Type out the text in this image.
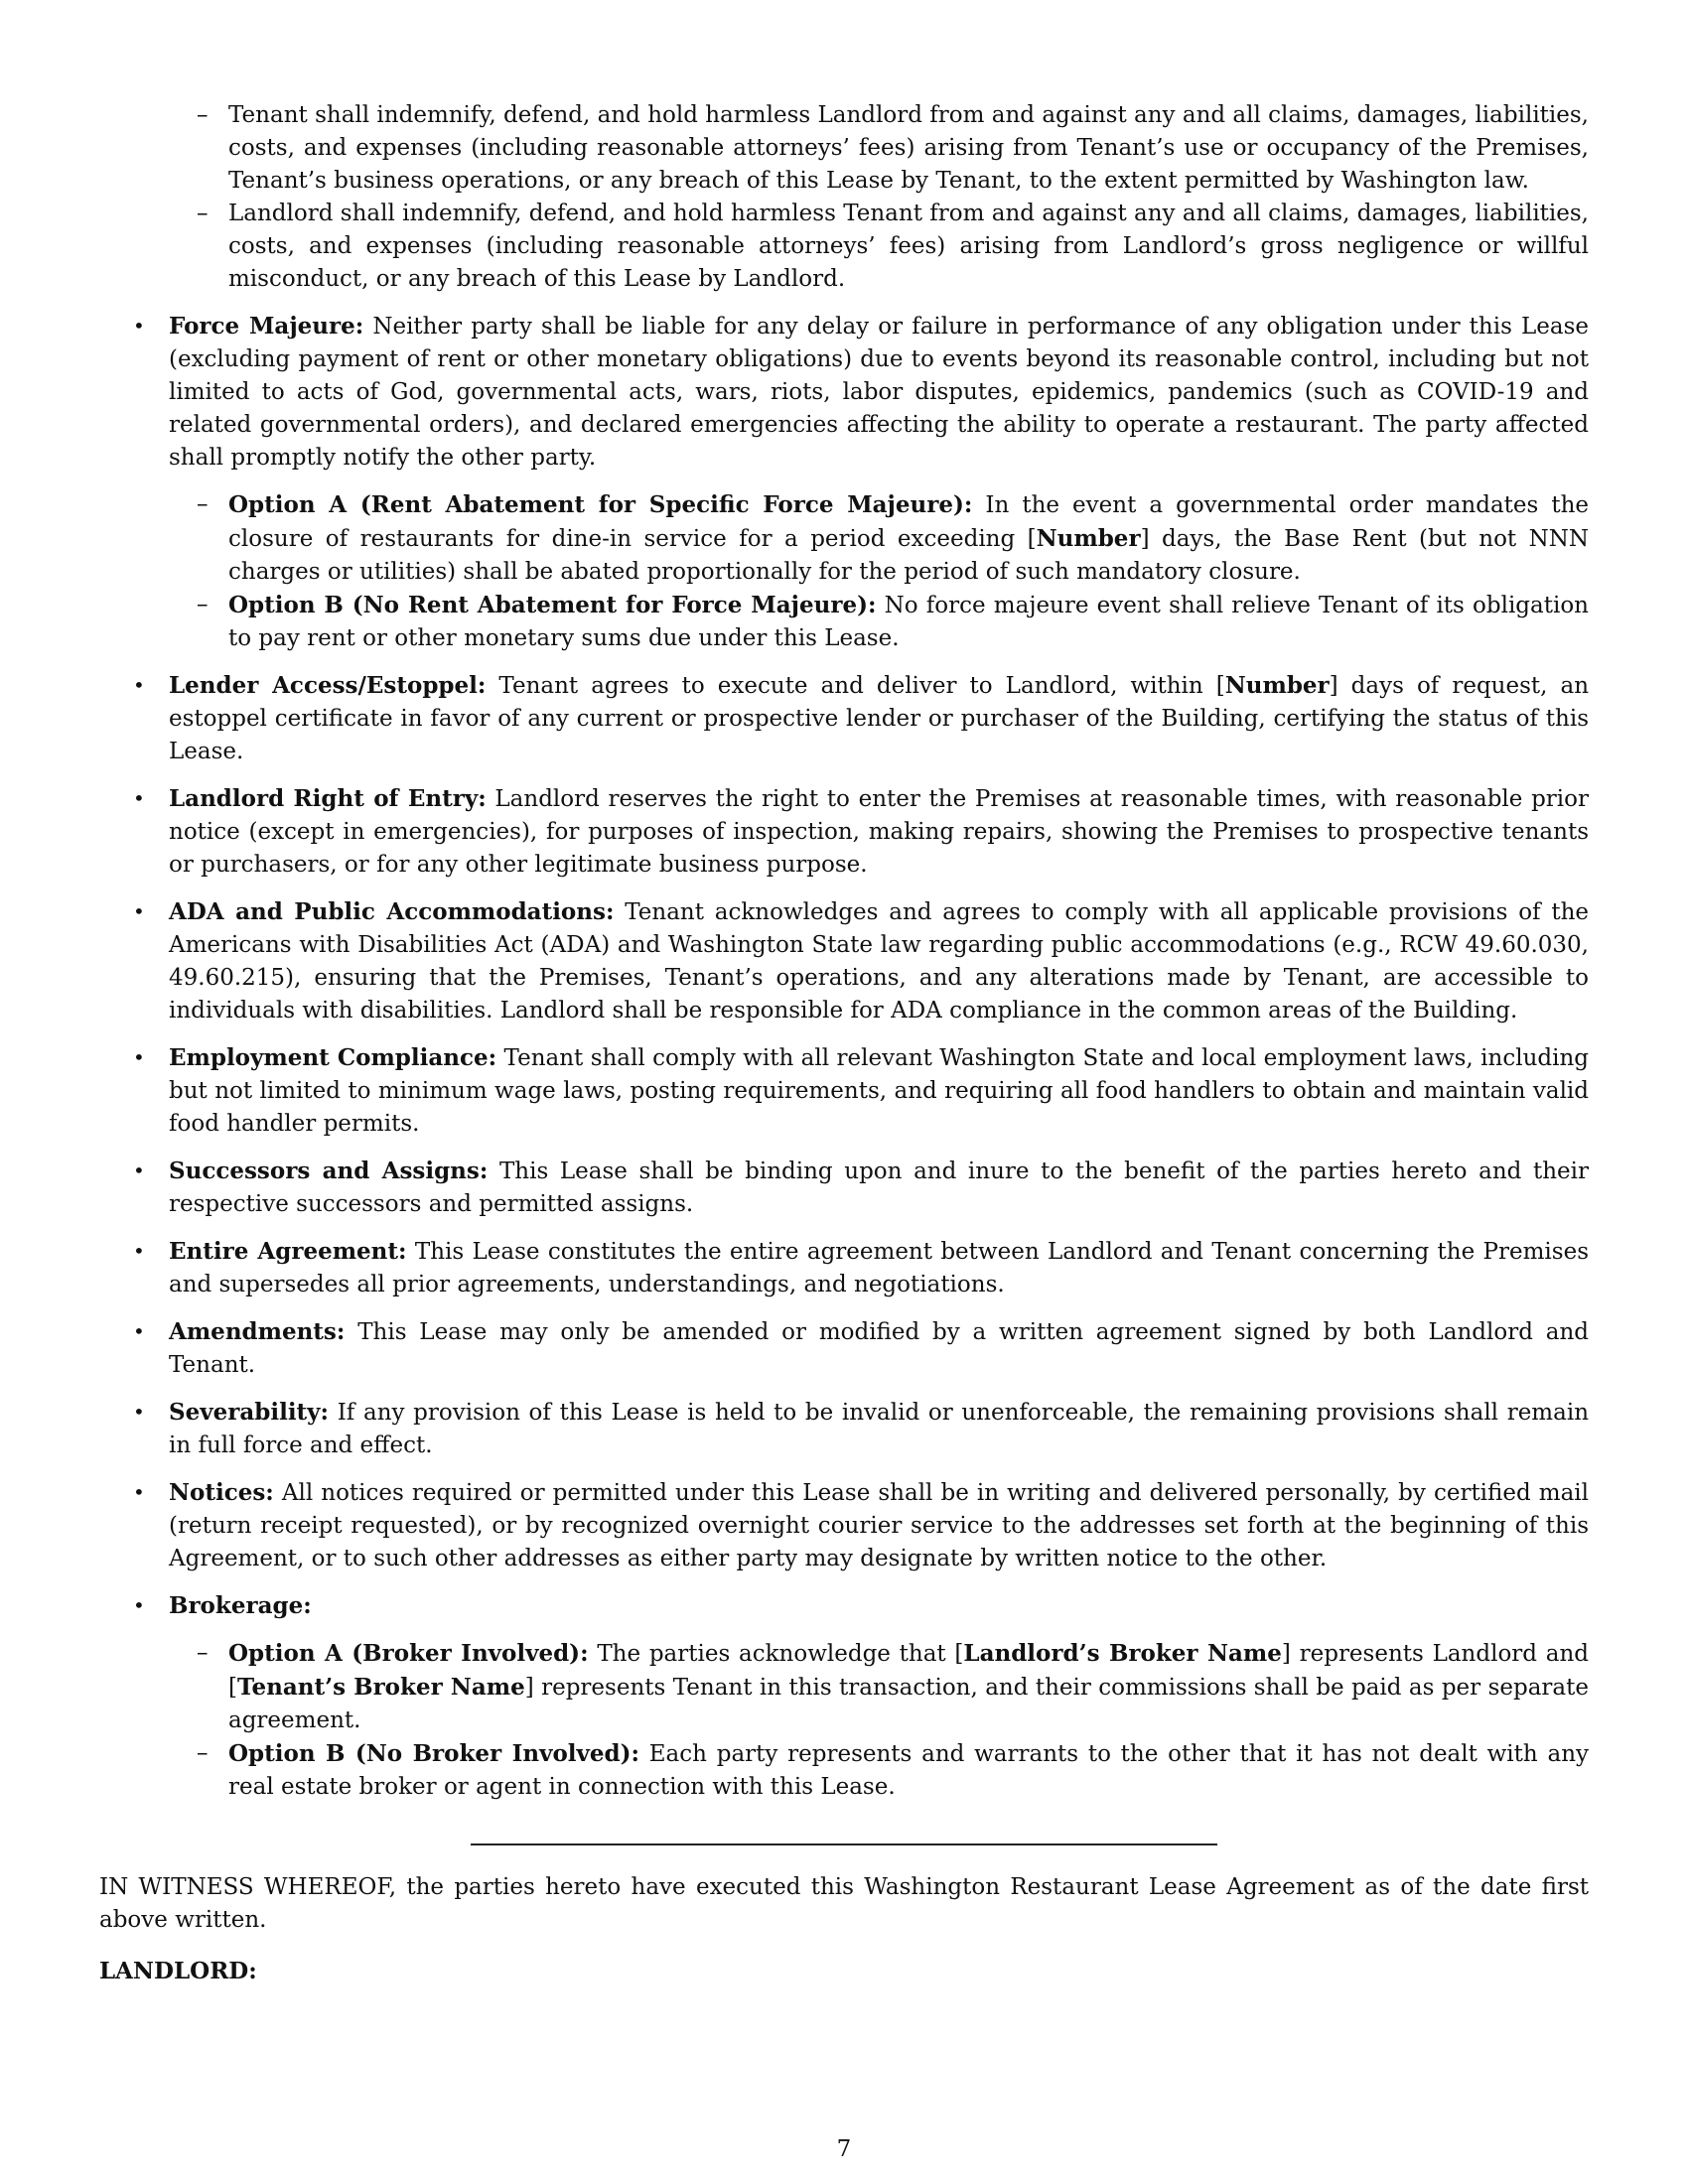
– Tenant shall indemnify, defend, and hold harmless Landlord from and against any and all claims, damages, liabilities, costs, and expenses (including reasonable attorneys’ fees) arising from Tenant’s use or occupancy of the Premises, Tenant’s business operations, or any breach of this Lease by Tenant, to the extent permitted by Washington law.
– Landlord shall indemnify, defend, and hold harmless Tenant from and against any and all claims, damages, liabilities, costs, and expenses (including reasonable attorneys’ fees) arising from Landlord’s gross negligence or willful misconduct, or any breach of this Lease by Landlord.
• Force Majeure: Neither party shall be liable for any delay or failure in performance of any obligation under this Lease (excluding payment of rent or other monetary obligations) due to events beyond its reasonable control, including but not limited to acts of God, governmental acts, wars, riots, labor disputes, epidemics, pandemics (such as COVID-19 and related governmental orders), and declared emergencies affecting the ability to operate a restaurant. The party affected shall promptly notify the other party.
– Option A (Rent Abatement for Specific Force Majeure): In the event a governmental order mandates the closure of restaurants for dine-in service for a period exceeding [Number] days, the Base Rent (but not NNN charges or utilities) shall be abated proportionally for the period of such mandatory closure.
– Option B (No Rent Abatement for Force Majeure): No force majeure event shall relieve Tenant of its obligation to pay rent or other monetary sums due under this Lease.
• Lender Access/Estoppel: Tenant agrees to execute and deliver to Landlord, within [Number] days of request, an estoppel certificate in favor of any current or prospective lender or purchaser of the Building, certifying the status of this Lease.
• Landlord Right of Entry: Landlord reserves the right to enter the Premises at reasonable times, with reasonable prior notice (except in emergencies), for purposes of inspection, making repairs, showing the Premises to prospective tenants or purchasers, or for any other legitimate business purpose.
• ADA and Public Accommodations: Tenant acknowledges and agrees to comply with all applicable provisions of the Americans with Disabilities Act (ADA) and Washington State law regarding public accommodations (e.g., RCW 49.60.030, 49.60.215), ensuring that the Premises, Tenant’s operations, and any alterations made by Tenant, are accessible to individuals with disabilities. Landlord shall be responsible for ADA compliance in the common areas of the Building.
• Employment Compliance: Tenant shall comply with all relevant Washington State and local employment laws, including but not limited to minimum wage laws, posting requirements, and requiring all food handlers to obtain and maintain valid food handler permits.
• Successors and Assigns: This Lease shall be binding upon and inure to the benefit of the parties hereto and their respective successors and permitted assigns.
• Entire Agreement: This Lease constitutes the entire agreement between Landlord and Tenant concerning the Premises and supersedes all prior agreements, understandings, and negotiations.
• Amendments: This Lease may only be amended or modified by a written agreement signed by both Landlord and Tenant.
• Severability: If any provision of this Lease is held to be invalid or unenforceable, the remaining provisions shall remain in full force and effect.
• Notices: All notices required or permitted under this Lease shall be in writing and delivered personally, by certified mail (return receipt requested), or by recognized overnight courier service to the addresses set forth at the beginning of this Agreement, or to such other addresses as either party may designate by written notice to the other.
• Brokerage:
– Option A (Broker Involved): The parties acknowledge that [Landlord’s Broker Name] represents Landlord and [Tenant’s Broker Name] represents Tenant in this transaction, and their commissions shall be paid as per separate agreement.
– Option B (No Broker Involved): Each party represents and warrants to the other that it has not dealt with any real estate broker or agent in connection with this Lease.
IN WITNESS WHEREOF, the parties hereto have executed this Washington Restaurant Lease Agreement as of the date first above written.
LANDLORD:
7
